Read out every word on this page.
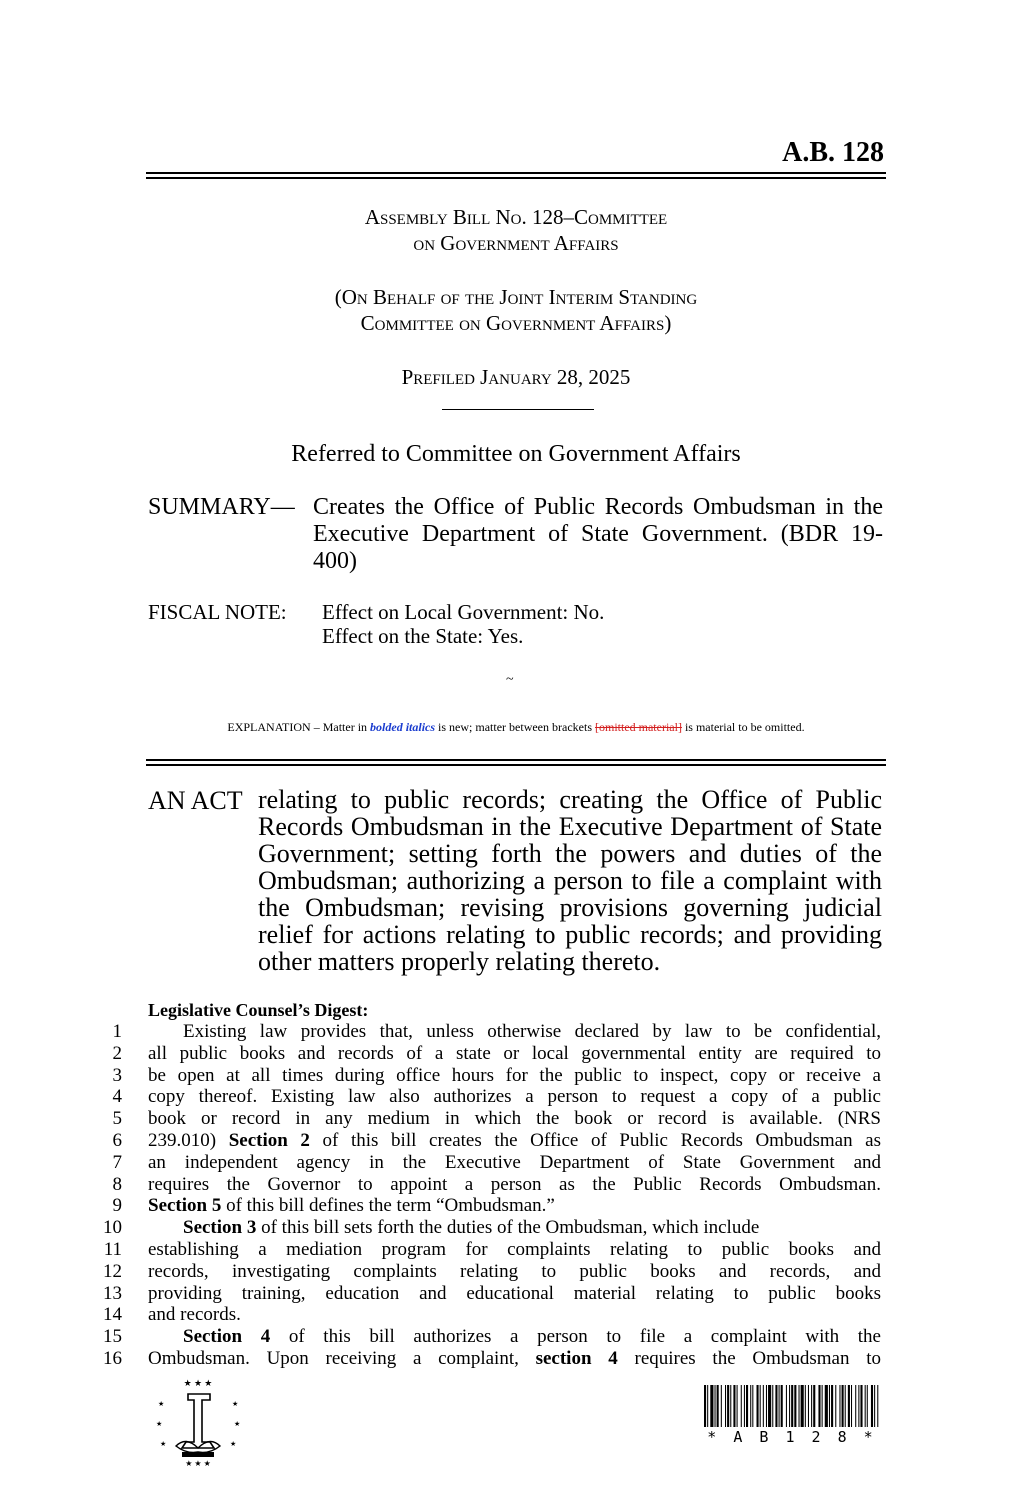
A.B. 128
Assembly Bill No. 128–Committee
on Government Affairs
(On Behalf of the Joint Interim Standing
Committee on Government Affairs)
Prefiled January 28, 2025
Referred to Committee on Government Affairs
SUMMARY— Creates the Office of Public Records Ombudsman in the Executive Department of State Government. (BDR 19-400)
FISCAL NOTE: Effect on Local Government: No.
Effect on the State: Yes.
~
EXPLANATION – Matter in bolded italics is new; matter between brackets [omitted material] is material to be omitted.
AN ACT relating to public records; creating the Office of Public Records Ombudsman in the Executive Department of State Government; setting forth the powers and duties of the Ombudsman; authorizing a person to file a complaint with the Ombudsman; revising provisions governing judicial relief for actions relating to public records; and providing other matters properly relating thereto.
Legislative Counsel’s Digest:
1	Existing law provides that, unless otherwise declared by law to be confidential,
2 all public books and records of a state or local governmental entity are required to
3 be open at all times during office hours for the public to inspect, copy or receive a
4 copy thereof. Existing law also authorizes a person to request a copy of a public
5 book or record in any medium in which the book or record is available. (NRS
6 239.010) Section 2 of this bill creates the Office of Public Records Ombudsman as
7 an independent agency in the Executive Department of State Government and
8 requires the Governor to appoint a person as the Public Records Ombudsman.
9 Section 5 of this bill defines the term “Ombudsman.”
10	Section 3 of this bill sets forth the duties of the Ombudsman, which include
11 establishing a mediation program for complaints relating to public books and
12 records, investigating complaints relating to public books and records, and
13 providing training, education and educational material relating to public books
14 and records.
15	Section 4 of this bill authorizes a person to file a complaint with the
16 Ombudsman. Upon receiving a complaint, section 4 requires the Ombudsman to
★ ★ ★
★
★
★
★
★
★
★ ★ ★
* A B 1 2 8 *
